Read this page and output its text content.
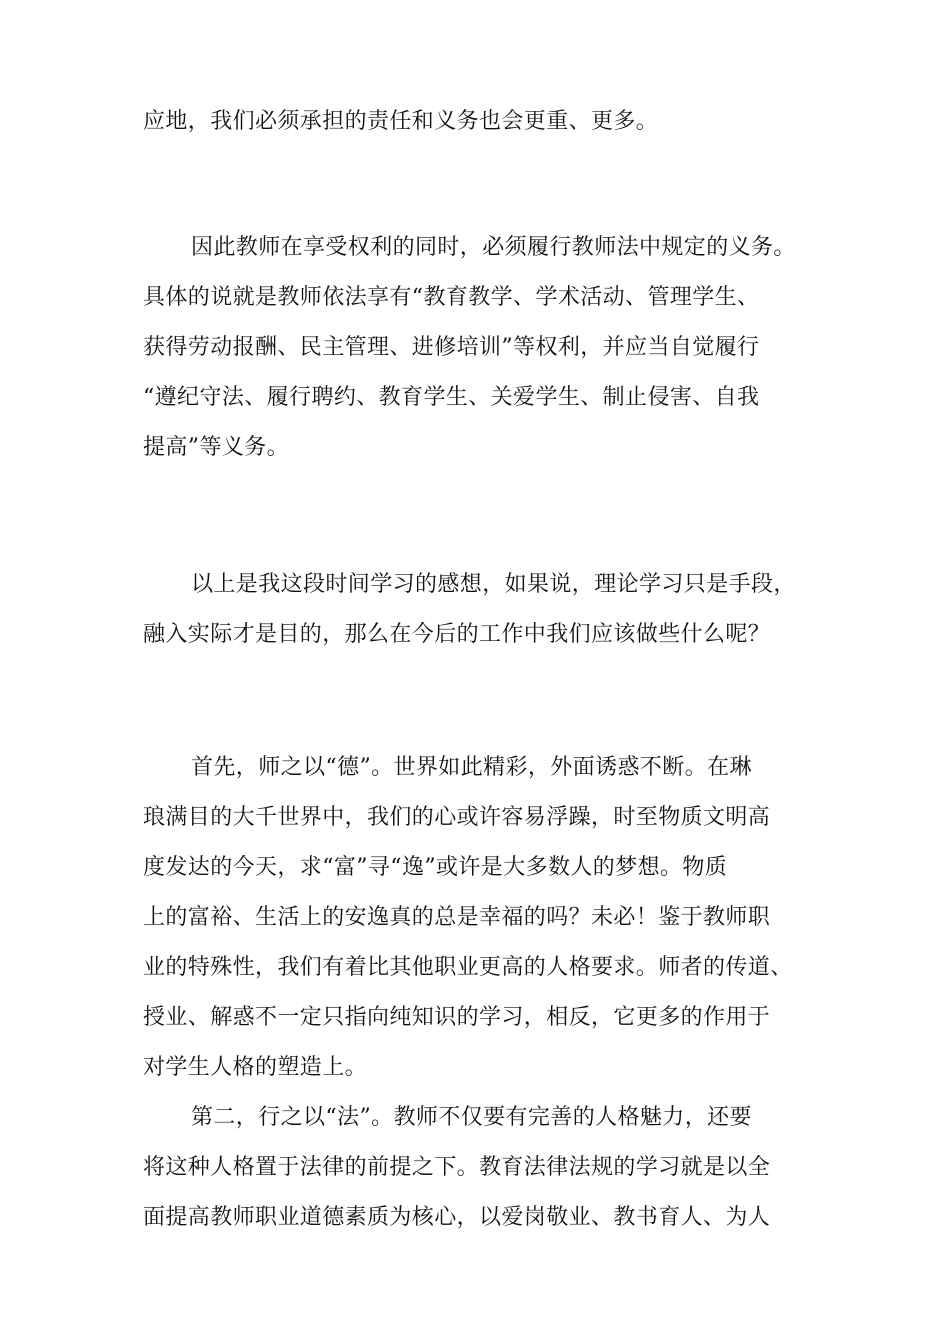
应地，我们必须承担的责任和义务也会更重、更多。
因此教师在享受权利的同时，必须履行教师法中规定的义务。
具体的说就是教师依法享有“教育教学、学术活动、管理学生、
获得劳动报酬、民主管理、进修培训”等权利，并应当自觉履行
“遵纪守法、履行聘约、教育学生、关爱学生、制止侵害、自我
提高”等义务。
以上是我这段时间学习的感想，如果说，理论学习只是手段，
融入实际才是目的，那么在今后的工作中我们应该做些什么呢？
首先，师之以“德”。世界如此精彩，外面诱惑不断。在琳
琅满目的大千世界中，我们的心或许容易浮躁，时至物质文明高
度发达的今天，求“富”寻“逸”或许是大多数人的梦想。物质
上的富裕、生活上的安逸真的总是幸福的吗？未必！鉴于教师职
业的特殊性，我们有着比其他职业更高的人格要求。师者的传道、
授业、解惑不一定只指向纯知识的学习，相反，它更多的作用于
对学生人格的塑造上。
第二，行之以“法”。教师不仅要有完善的人格魅力，还要
将这种人格置于法律的前提之下。教育法律法规的学习就是以全
面提高教师职业道德素质为核心，以爱岗敬业、教书育人、为人
